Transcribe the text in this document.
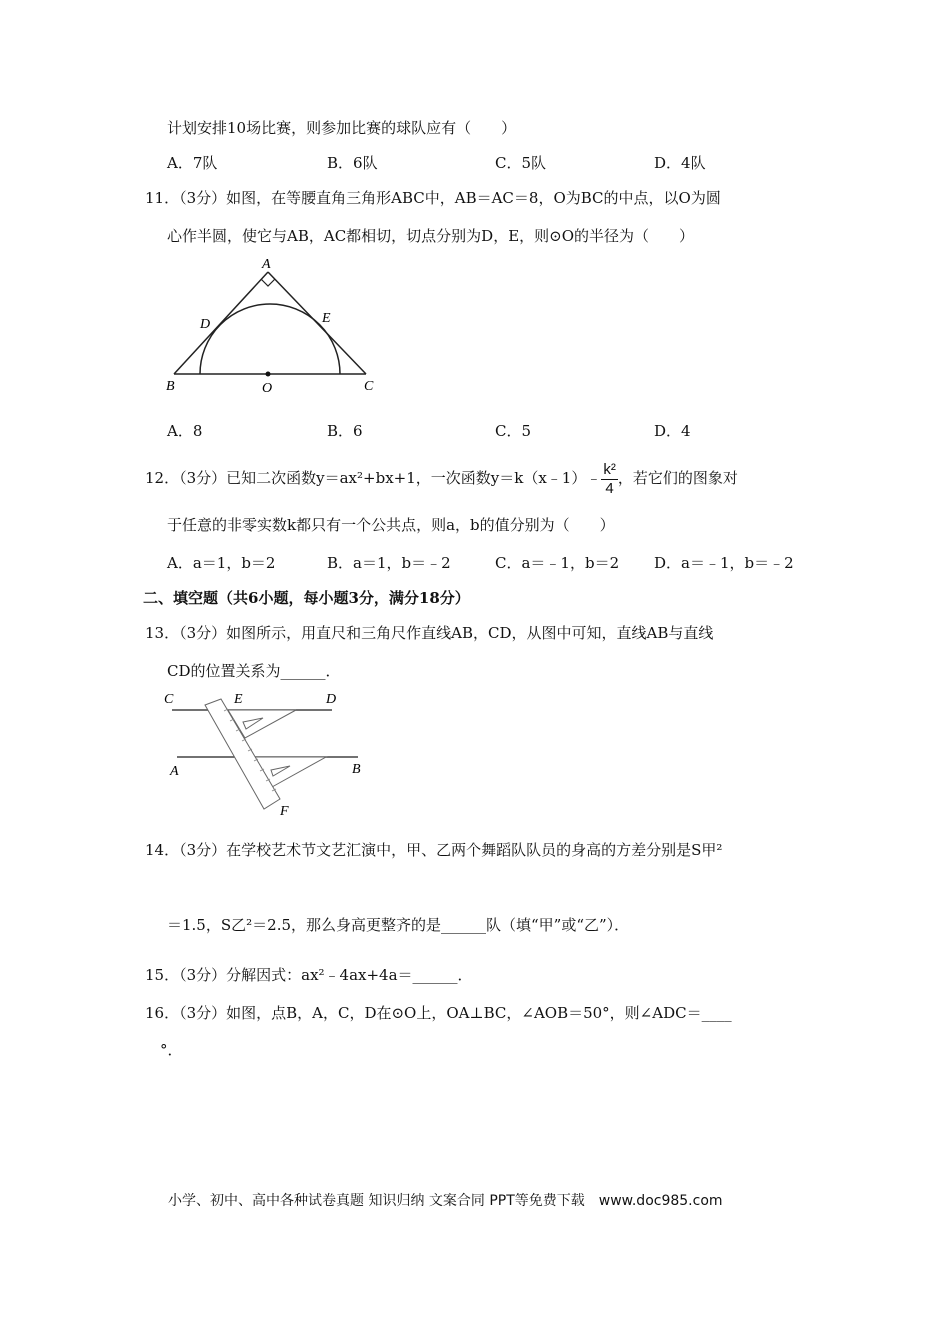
计划安排10场比赛，则参加比赛的球队应有（　　）
A．7队	B．6队	C．5队	D．4队
11．（3分）如图，在等腰直角三角形ABC中，AB＝AC＝8，O为BC的中点，以O为圆
心作半圆，使它与AB，AC都相切，切点分别为D，E，则⊙O的半径为（　　）
A
B	C
D	E
O
A．8	B．6	C．5	D．4
12．（3分）已知二次函数y＝ax²+bx+1，一次函数y＝k（x﹣1）﹣ $\frac{\text{k²}}{4}$ ，若它们的图象对
于任意的非零实数k都只有一个公共点，则a，b的值分别为（　　）
A．a＝1，b＝2	B．a＝1，b＝﹣2	C．a＝﹣1，b＝2 D．a＝﹣1，b＝﹣2
二、填空题（共6小题，每小题3分，满分18分）
13．（3分）如图所示，用直尺和三角尺作直线AB，CD，从图中可知，直线AB与直线
CD的位置关系为______．
C	E	D
A	B
F
14．（3分）在学校艺术节文艺汇演中，甲、乙两个舞蹈队队员的身高的方差分别是S甲²
＝1.5，S乙²＝2.5，那么身高更整齐的是______队（填“甲”或“乙”）．
15．（3分）分解因式：ax²﹣4ax+4a＝______．
16．（3分）如图，点B，A，C，D在⊙O上，OA⊥BC，∠AOB＝50°，则∠ADC＝____
°．
小学、初中、高中各种试卷真题 知识归纳 文案合同 PPT等免费下载　www.doc985.com
